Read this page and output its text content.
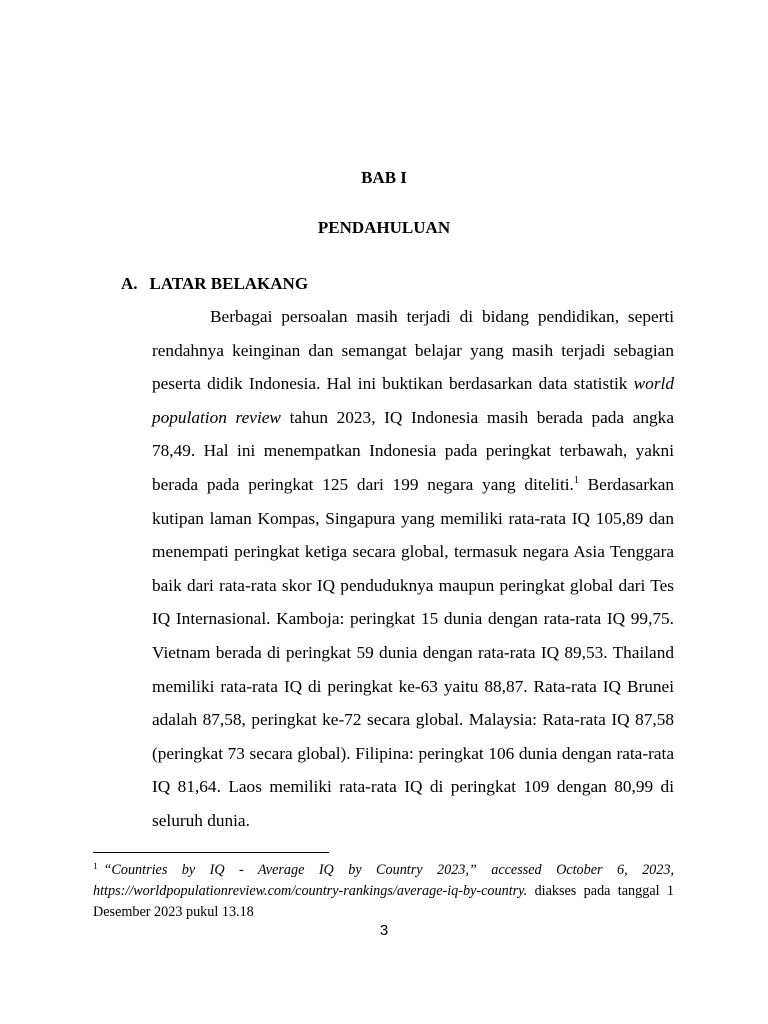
BAB I
PENDAHULUAN
A. LATAR BELAKANG

Berbagai persoalan masih terjadi di bidang pendidikan, seperti rendahnya keinginan dan semangat belajar yang masih terjadi sebagian peserta didik Indonesia. Hal ini buktikan berdasarkan data statistik world population review tahun 2023, IQ Indonesia masih berada pada angka 78,49. Hal ini menempatkan Indonesia pada peringkat terbawah, yakni berada pada peringkat 125 dari 199 negara yang diteliti.$^1$ Berdasarkan kutipan laman Kompas, Singapura yang memiliki rata-rata IQ 105,89 dan menempati peringkat ketiga secara global, termasuk negara Asia Tenggara baik dari rata-rata skor IQ penduduknya maupun peringkat global dari Tes IQ Internasional. Kamboja: peringkat 15 dunia dengan rata-rata IQ 99,75. Vietnam berada di peringkat 59 dunia dengan rata-rata IQ 89,53. Thailand memiliki rata-rata IQ di peringkat ke-63 yaitu 88,87. Rata-rata IQ Brunei adalah 87,58, peringkat ke-72 secara global. Malaysia: Rata-rata IQ 87,58 (peringkat 73 secara global). Filipina: peringkat 106 dunia dengan rata-rata IQ 81,64. Laos memiliki rata-rata IQ di peringkat 109 dengan 80,99 di seluruh dunia.

$^1$ “Countries by IQ - Average IQ by Country 2023,” accessed October 6, 2023, https://worldpopulationreview.com/country-rankings/average-iq-by-country. diakses pada tanggal 1 Desember 2023 pukul 13.18

3
